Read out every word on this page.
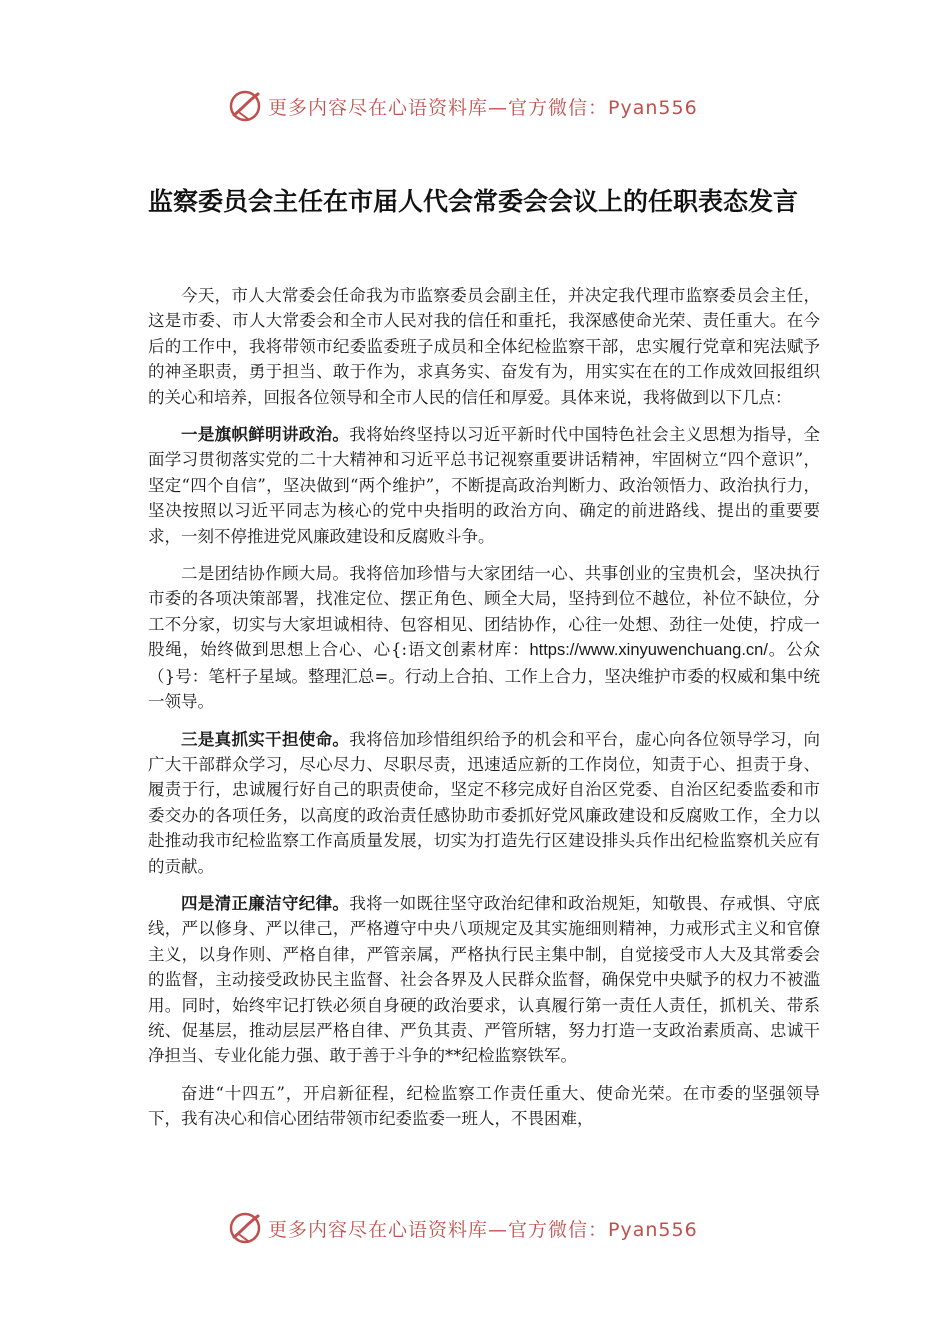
更多内容尽在心语资料库—官方微信：Pyan556
监察委员会主任在市届人代会常委会会议上的任职表态发言

今天，市人大常委会任命我为市监察委员会副主任，并决定我代理市监察委员会主任，这是市委、市人大常委会和全市人民对我的信任和重托，我深感使命光荣、责任重大。在今后的工作中，我将带领市纪委监委班子成员和全体纪检监察干部，忠实履行党章和宪法赋予的神圣职责，勇于担当、敢于作为，求真务实、奋发有为，用实实在在的工作成效回报组织的关心和培养，回报各位领导和全市人民的信任和厚爱。具体来说，我将做到以下几点：

一是旗帜鲜明讲政治。我将始终坚持以习近平新时代中国特色社会主义思想为指导，全面学习贯彻落实党的二十大精神和习近平总书记视察重要讲话精神，牢固树立“四个意识”，坚定“四个自信”，坚决做到“两个维护”，不断提高政治判断力、政治领悟力、政治执行力，坚决按照以习近平同志为核心的党中央指明的政治方向、确定的前进路线、提出的重要要求，一刻不停推进党风廉政建设和反腐败斗争。

二是团结协作顾大局。我将倍加珍惜与大家团结一心、共事创业的宝贵机会，坚决执行市委的各项决策部署，找准定位、摆正角色、顾全大局，坚持到位不越位，补位不缺位，分工不分家，切实与大家坦诚相待、包容相见、团结协作，心往一处想、劲往一处使，拧成一股绳，始终做到思想上合心、心{:语文创素材库：https://www.xinyuwenchuang.cn/。公众（}号：笔杆子星域。整理汇总=。行动上合拍、工作上合力，坚决维护市委的权威和集中统一领导。

三是真抓实干担使命。我将倍加珍惜组织给予的机会和平台，虚心向各位领导学习，向广大干部群众学习，尽心尽力、尽职尽责，迅速适应新的工作岗位，知责于心、担责于身、履责于行，忠诚履行好自己的职责使命，坚定不移完成好自治区党委、自治区纪委监委和市委交办的各项任务，以高度的政治责任感协助市委抓好党风廉政建设和反腐败工作，全力以赴推动我市纪检监察工作高质量发展，切实为打造先行区建设排头兵作出纪检监察机关应有的贡献。

四是清正廉洁守纪律。我将一如既往坚守政治纪律和政治规矩，知敬畏、存戒惧、守底线，严以修身、严以律己，严格遵守中央八项规定及其实施细则精神，力戒形式主义和官僚主义，以身作则、严格自律，严管亲属，严格执行民主集中制，自觉接受市人大及其常委会的监督，主动接受政协民主监督、社会各界及人民群众监督，确保党中央赋予的权力不被滥用。同时，始终牢记打铁必须自身硬的政治要求，认真履行第一责任人责任，抓机关、带系统、促基层，推动层层严格自律、严负其责、严管所辖，努力打造一支政治素质高、忠诚干净担当、专业化能力强、敢于善于斗争的**纪检监察铁军。

奋进“十四五”，开启新征程，纪检监察工作责任重大、使命光荣。在市委的坚强领导下，我有决心和信心团结带领市纪委监委一班人，不畏困难，

更多内容尽在心语资料库—官方微信：Pyan556
